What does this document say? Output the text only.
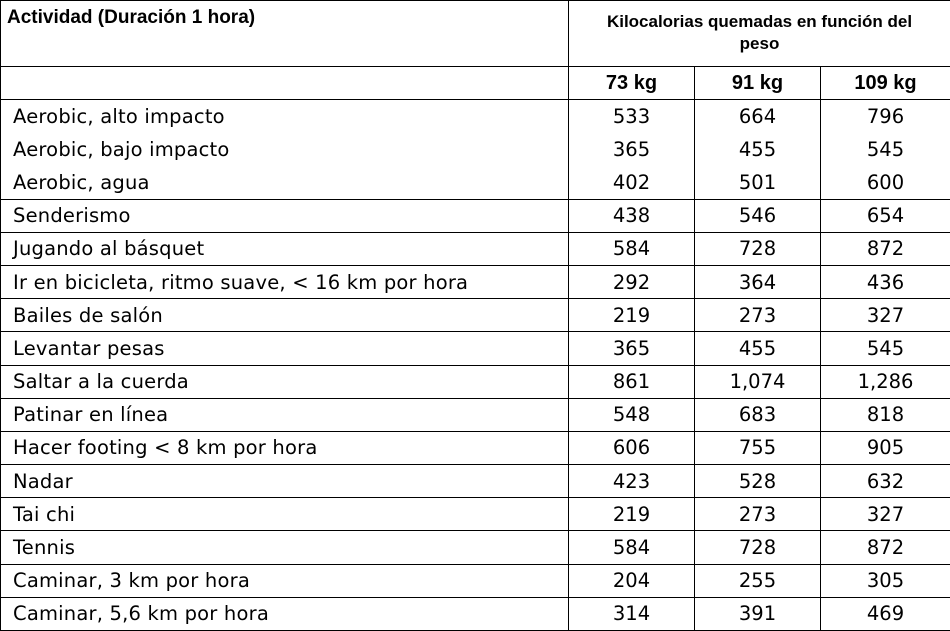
Actividad (Duración 1 hora)	Kilocalorias quemadas en función del peso		
	73 kg	91 kg	109 kg
Aerobic, alto impacto	533	664	796
Aerobic, bajo impacto	365	455	545
Aerobic, agua	402	501	600
Senderismo	438	546	654
Jugando al básquet	584	728	872
Ir en bicicleta, ritmo suave, < 16 km por hora	292	364	436
Bailes de salón	219	273	327
Levantar pesas	365	455	545
Saltar a la cuerda	861	1,074	1,286
Patinar en línea	548	683	818
Hacer footing < 8 km por hora	606	755	905
Nadar	423	528	632
Tai chi	219	273	327
Tennis	584	728	872
Caminar, 3 km por hora	204	255	305
Caminar, 5,6 km por hora	314	391	469
